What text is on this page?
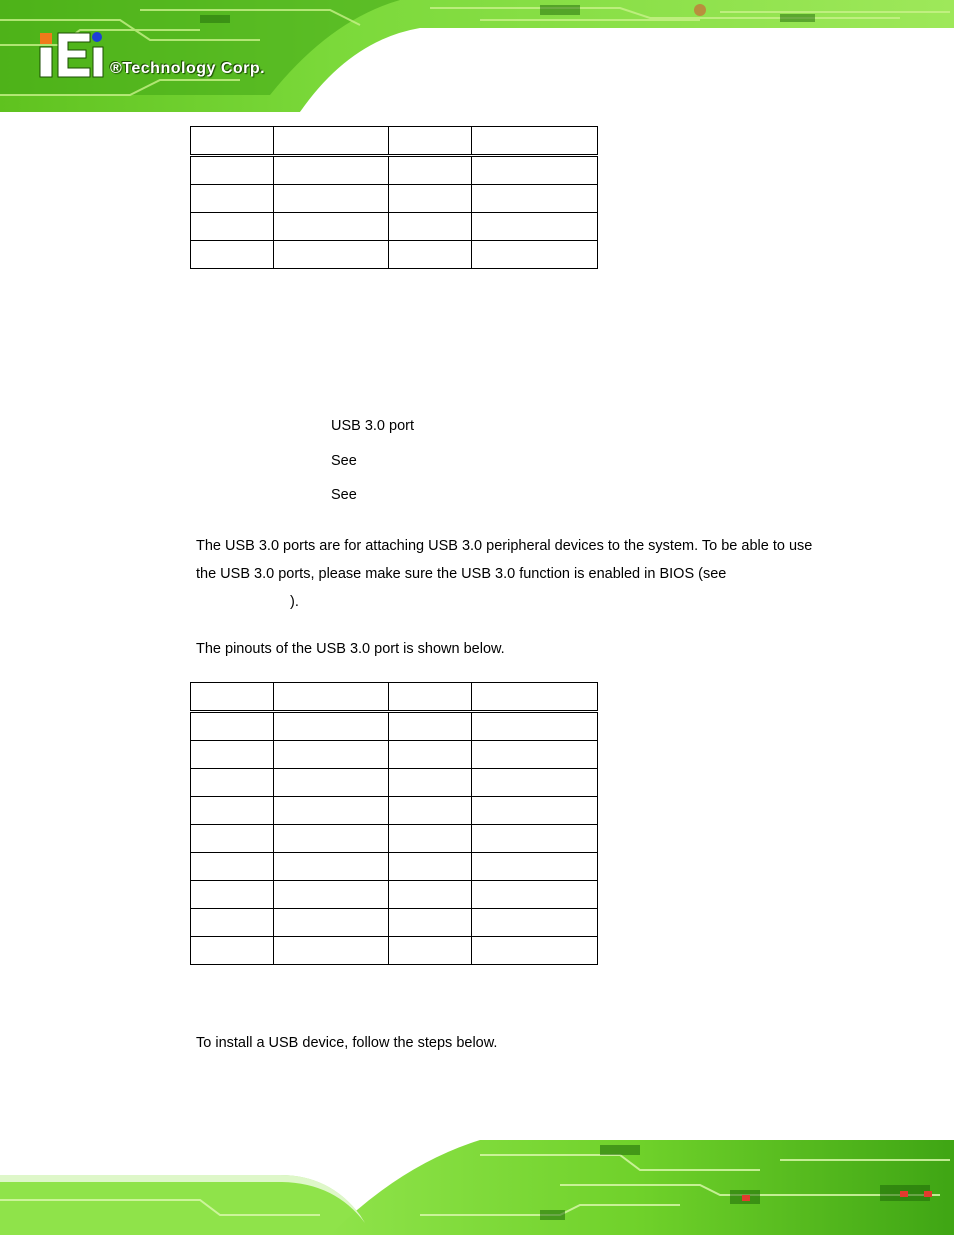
®Technology Corp.

USB 3.0 port
See
See
The USB 3.0 ports are for attaching USB 3.0 peripheral devices to the system. To be able to use the USB 3.0 ports, please make sure the USB 3.0 function is enabled in BIOS (see
).
The pinouts of the USB 3.0 port is shown below.

To install a USB device, follow the steps below.
